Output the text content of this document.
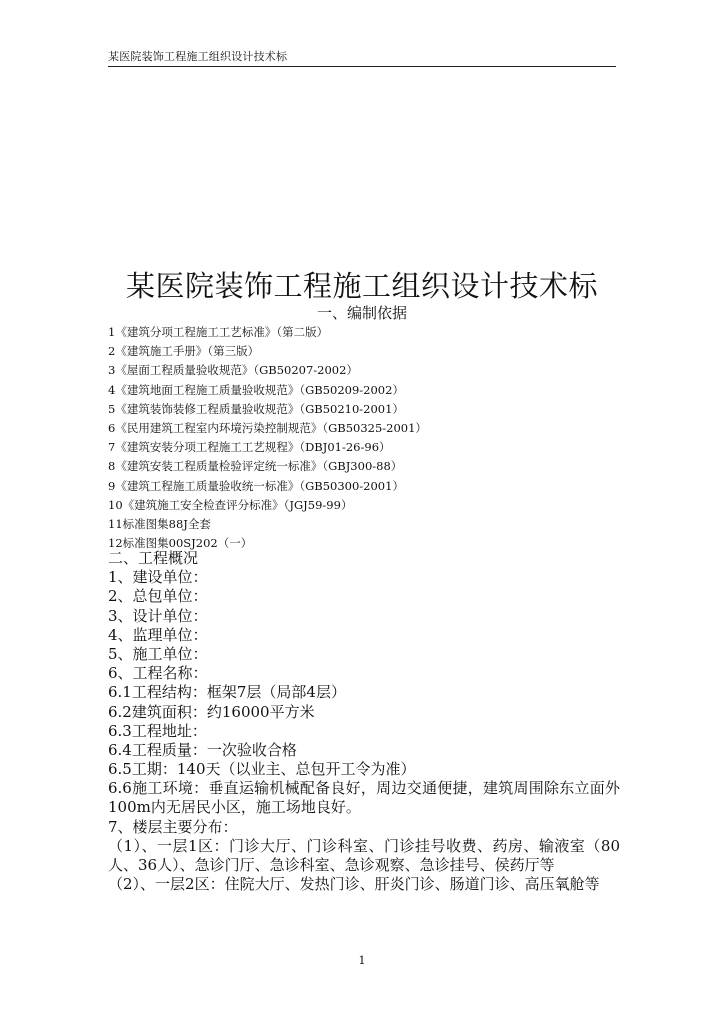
某医院装饰工程施工组织设计技术标
某医院装饰工程施工组织设计技术标
一、编制依据
1《建筑分项工程施工工艺标准》（第二版）
2《建筑施工手册》（第三版）
3《屋面工程质量验收规范》（GB50207-2002）
4《建筑地面工程施工质量验收规范》（GB50209-2002）
5《建筑装饰装修工程质量验收规范》（GB50210-2001）
6《民用建筑工程室内环境污染控制规范》（GB50325-2001）
7《建筑安装分项工程施工工艺规程》（DBJ01-26-96）
8《建筑安装工程质量检验评定统一标准》（GBJ300-88）
9《建筑工程施工质量验收统一标准》（GB50300-2001）
10《建筑施工安全检查评分标准》（JGJ59-99）
11标准图集88J全套
12标准图集00SJ202（一）
二、工程概况
1、建设单位：
2、总包单位：
3、设计单位：
4、监理单位：
5、施工单位：
6、工程名称：
6.1工程结构：框架7层（局部4层）
6.2建筑面积：约16000平方米
6.3工程地址：
6.4工程质量：一次验收合格
6.5工期：140天（以业主、总包开工令为准）
6.6施工环境：垂直运输机械配备良好，周边交通便捷，建筑周围除东立面外100m内无居民小区，施工场地良好。
7、楼层主要分布：
（1）、一层1区：门诊大厅、门诊科室、门诊挂号收费、药房、输液室（80人、36人）、急诊门厅、急诊科室、急诊观察、急诊挂号、侯药厅等
（2）、一层2区：住院大厅、发热门诊、肝炎门诊、肠道门诊、高压氧舱等
1
